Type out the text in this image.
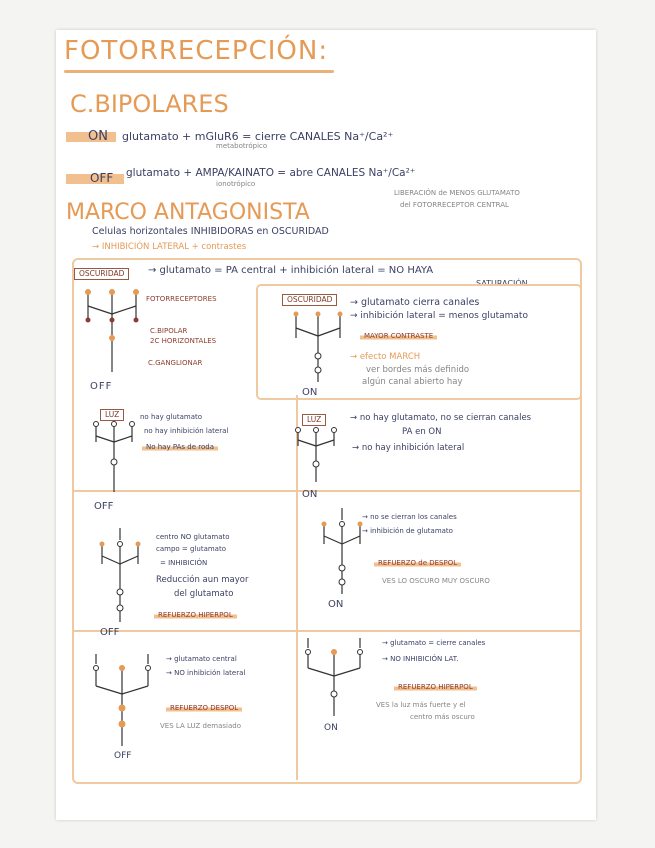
FOTORRECEPCIÓN:
C.BIPOLARES
ON glutamato + mGluR6 = cierre CANALES Na⁺/Ca²⁺
metabotrópico
OFF glutamato + AMPA/KAINATO = abre CANALES Na⁺/Ca²⁺
ionotrópico
MARCO ANTAGONISTA
LIBERACIÓN de MENOS GLUTAMATO
del FOTORRECEPTOR CENTRAL
Celulas horizontales INHIBIDORAS en OSCURIDAD
→ INHIBICIÓN LATERAL + contrastes
OSCURIDAD	→ glutamato = PA central + inhibición lateral = NO HAYA
SATURACIÓN
FOTORRECEPTORES
C.BIPOLAR
2C HORIZONTALES
C.GANGLIONAR
OFF
OSCURIDAD	→ glutamato cierra canales
→ inhibición lateral = menos glutamato
MAYOR CONTRASTE
→ efecto MARCH
ver bordes más definido
algún canal abierto hay
ON
LUZ	no hay glutamato
no hay inhibición lateral
No hay PAs de roda
OFF
LUZ	→ no hay glutamato, no se cierran canales
PA en ON
→ no hay inhibición lateral
ON
centro NO glutamato
campo = glutamato
= INHIBICIÓN
Reducción aun mayor
del glutamato
REFUERZO HIPERPOL
OFF
→ no se cierran los canales
→ inhibición de glutamato
REFUERZO de DESPOL
VES LO OSCURO MUY OSCURO
ON
→ glutamato central
→ NO inhibición lateral
REFUERZO DESPOL
VES LA LUZ demasiado
OFF
→ glutamato = cierre canales
→ NO INHIBICIÓN LAT.
REFUERZO HIPERPOL
VES la luz más fuerte y el
centro más oscuro
ON
